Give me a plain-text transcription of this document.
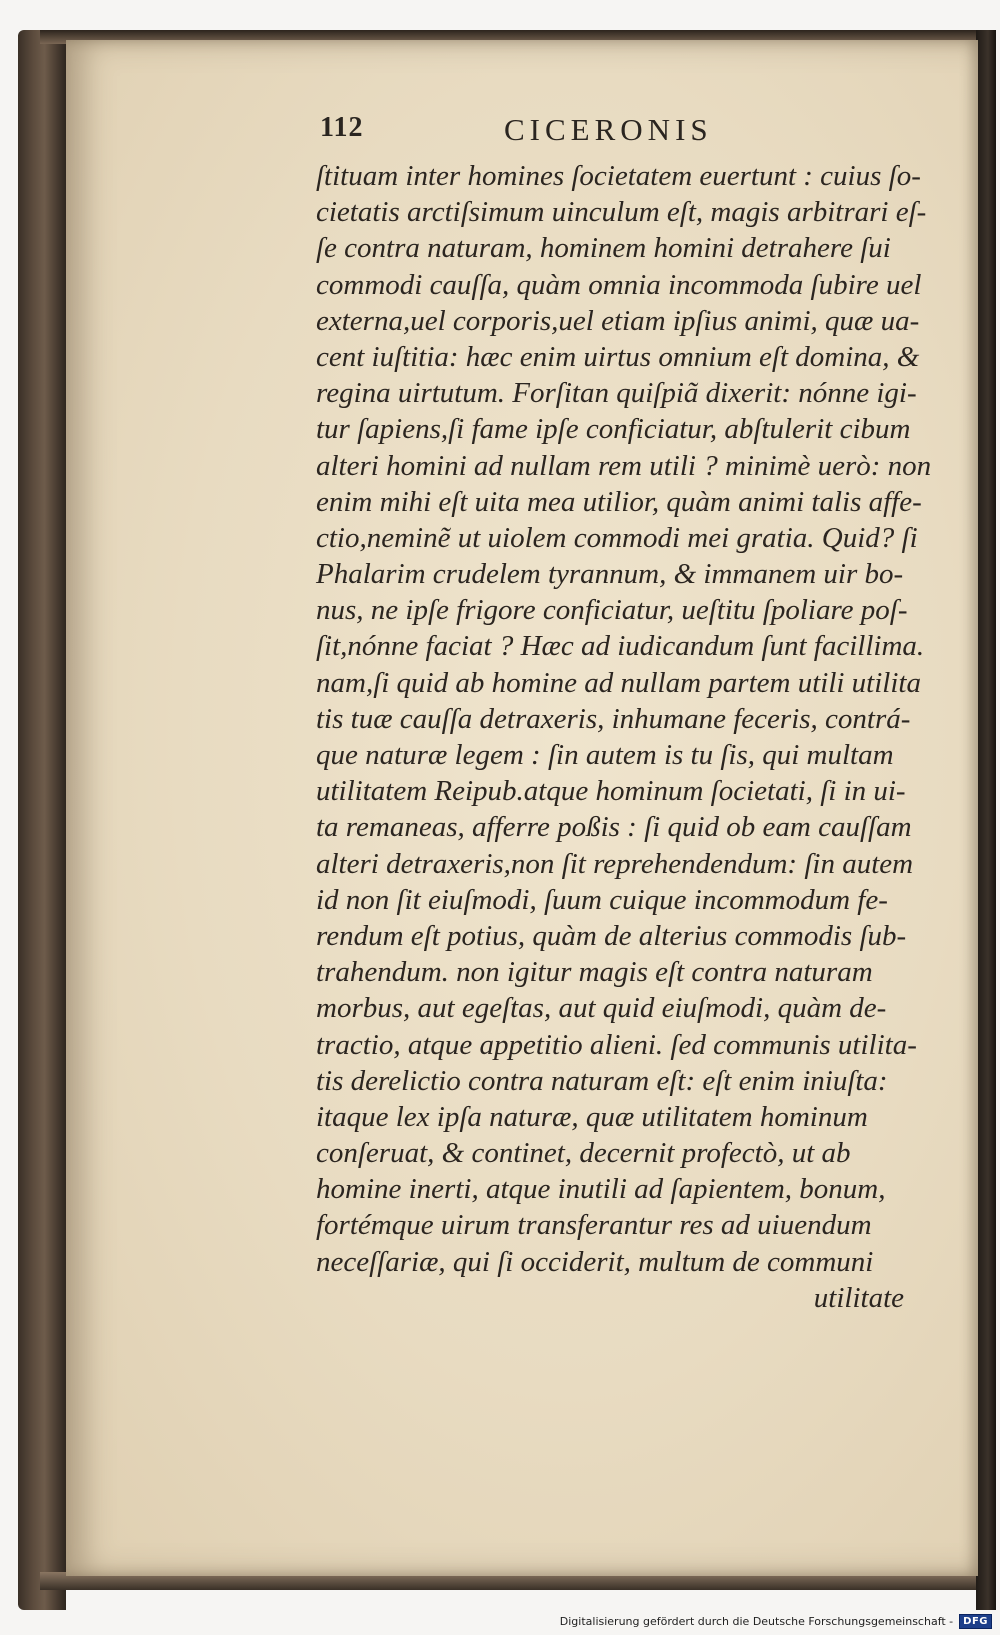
112	CICERONIS
ſtituam inter homines ſocietatem euertunt : cuius ſo-
cietatis arctiſsimum uinculum eſt, magis arbitrari eſ-
ſe contra naturam, hominem homini detrahere ſui
commodi cauſſa, quàm omnia incommoda ſubire uel
externa,uel corporis,uel etiam ipſius animi, quæ ua-
cent iuſtitia: hæc enim uirtus omnium eſt domina, &
regina uirtutum. Forſitan quiſpiã dixerit: nónne igi-
tur ſapiens,ſi fame ipſe conficiatur, abſtulerit cibum
alteri homini ad nullam rem utili ? minimè uerò: non
enim mihi eſt uita mea utilior, quàm animi talis affe-
ctio,neminẽ ut uiolem commodi mei gratia. Quid? ſi
Phalarim crudelem tyrannum, & immanem uir bo-
nus, ne ipſe frigore conficiatur, ueſtitu ſpoliare poſ-
ſit,nónne faciat ? Hæc ad iudicandum ſunt facillima.
nam,ſi quid ab homine ad nullam partem utili utilita
tis tuæ cauſſa detraxeris, inhumane feceris, contrá-
que naturæ legem : ſin autem is tu ſis, qui multam
utilitatem Reipub.atque hominum ſocietati, ſi in ui-
ta remaneas, afferre poßis : ſi quid ob eam cauſſam
alteri detraxeris,non ſit reprehendendum: ſin autem
id non ſit eiuſmodi, ſuum cuique incommodum fe-
rendum eſt potius, quàm de alterius commodis ſub-
trahendum. non igitur magis eſt contra naturam
morbus, aut egeſtas, aut quid eiuſmodi, quàm de-
tractio, atque appetitio alieni. ſed communis utilita-
tis derelictio contra naturam eſt: eſt enim iniuſta:
itaque lex ipſa naturæ, quæ utilitatem hominum
conſeruat, & continet, decernit profectò, ut ab
homine inerti, atque inutili ad ſapientem, bonum,
fortémque uirum transferantur res ad uiuendum
neceſſariæ, qui ſi occiderit, multum de communi
utilitate
Digitalisierung gefördert durch die Deutsche Forschungsgemeinschaft -	DFG
